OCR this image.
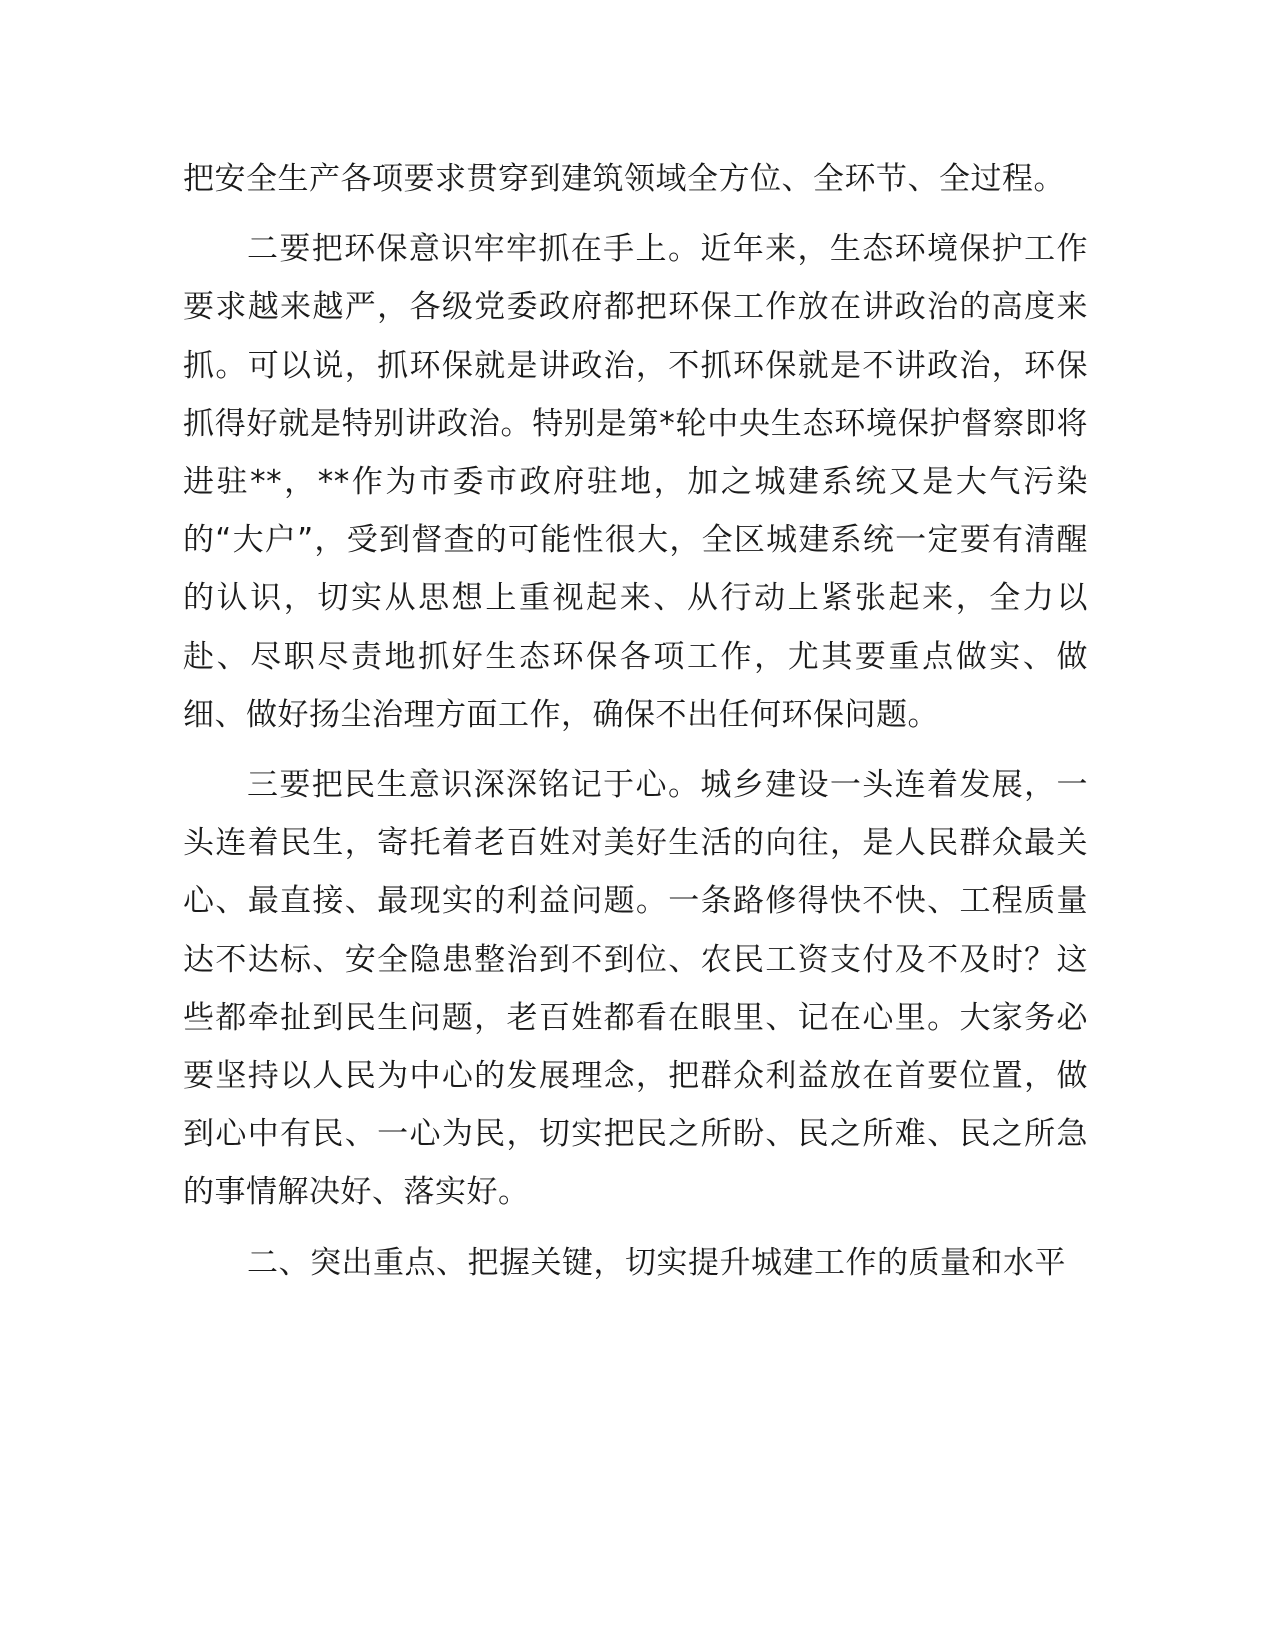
把安全生产各项要求贯穿到建筑领域全方位、全环节、全过程。

二要把环保意识牢牢抓在手上。近年来，生态环境保护工作要求越来越严，各级党委政府都把环保工作放在讲政治的高度来抓。可以说，抓环保就是讲政治，不抓环保就是不讲政治，环保抓得好就是特别讲政治。特别是第*轮中央生态环境保护督察即将进驻**，**作为市委市政府驻地，加之城建系统又是大气污染的“大户”，受到督查的可能性很大，全区城建系统一定要有清醒的认识，切实从思想上重视起来、从行动上紧张起来，全力以赴、尽职尽责地抓好生态环保各项工作，尤其要重点做实、做细、做好扬尘治理方面工作，确保不出任何环保问题。

三要把民生意识深深铭记于心。城乡建设一头连着发展，一头连着民生，寄托着老百姓对美好生活的向往，是人民群众最关心、最直接、最现实的利益问题。一条路修得快不快、工程质量达不达标、安全隐患整治到不到位、农民工资支付及不及时？这些都牵扯到民生问题，老百姓都看在眼里、记在心里。大家务必要坚持以人民为中心的发展理念，把群众利益放在首要位置，做到心中有民、一心为民，切实把民之所盼、民之所难、民之所急的事情解决好、落实好。

二、突出重点、把握关键，切实提升城建工作的质量和水平
